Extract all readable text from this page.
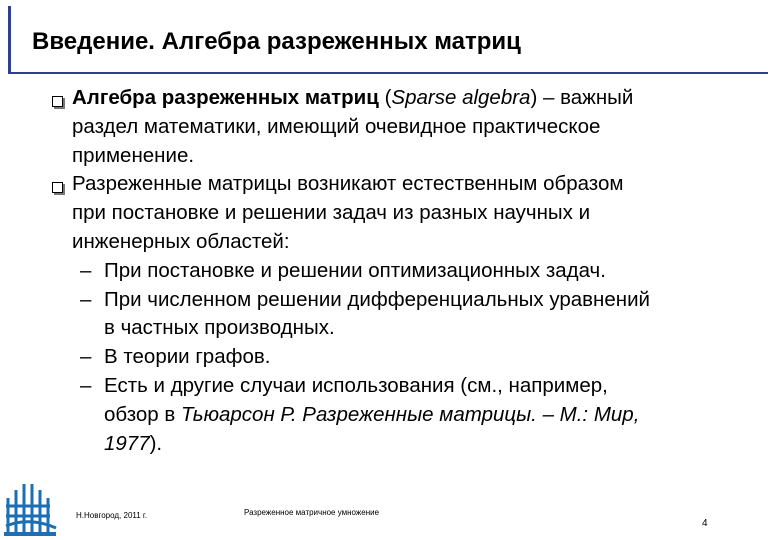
Введение. Алгебра разреженных матриц
Алгебра разреженных матриц (Sparse algebra) – важный
раздел математики, имеющий очевидное практическое
применение.
Разреженные матрицы возникают естественным образом
при постановке и решении задач из разных научных и
инженерных областей:
– При постановке и решении оптимизационных задач.
– При численном решении дифференциальных уравнений
в частных производных.
– В теории графов.
– Есть и другие случаи использования (см., например,
обзор в Тьюарсон Р. Разреженные матрицы. – М.: Мир,
1977).
Н.Новгород, 2011 г.	Разреженное матричное умножение
4
